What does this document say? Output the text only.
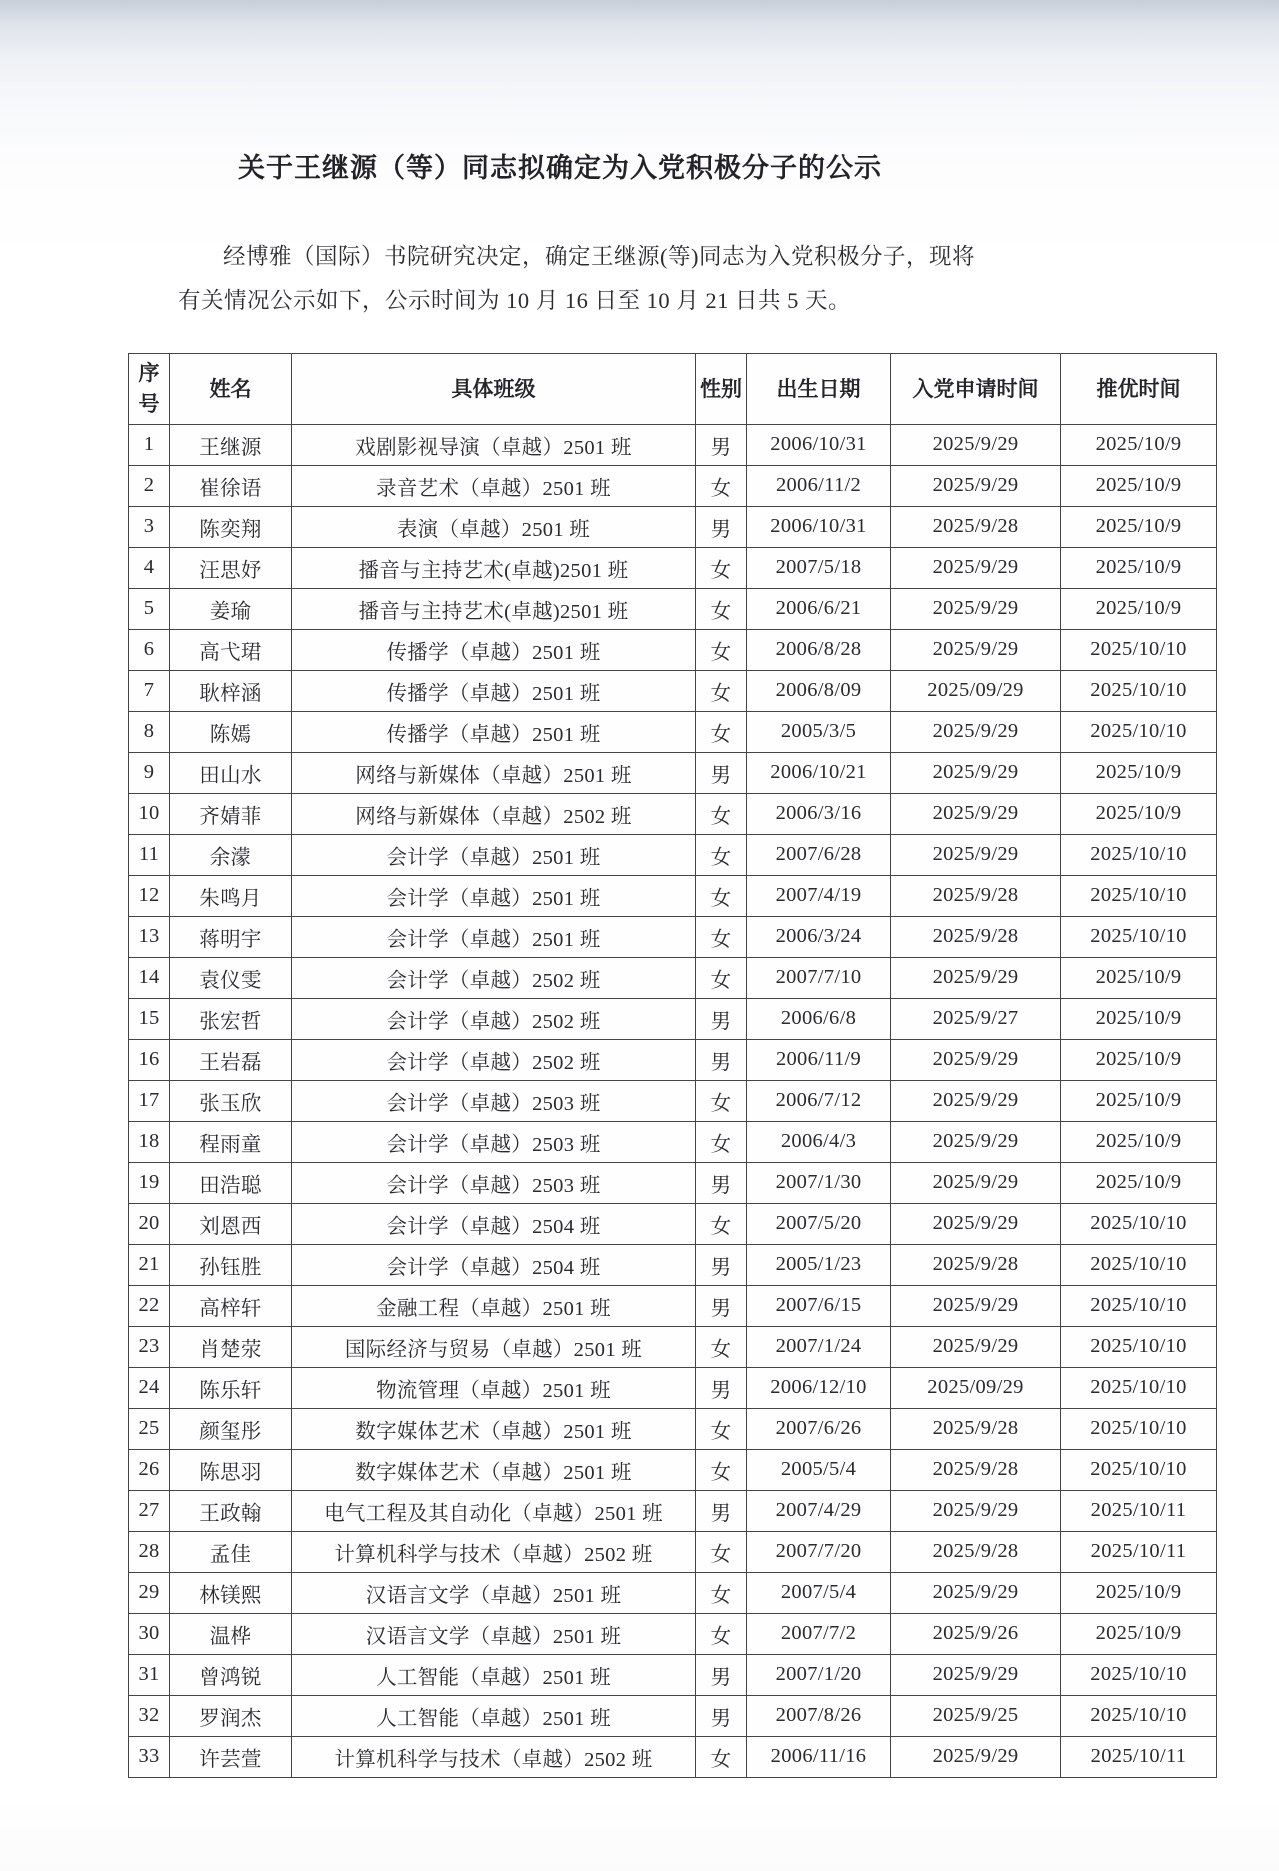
关于王继源（等）同志拟确定为入党积极分子的公示

经博雅（国际）书院研究决定，确定王继源(等)同志为入党积极分子，现将有关情况公示如下，公示时间为 10 月 16 日至 10 月 21 日共 5 天。

序号	姓名	具体班级	性别	出生日期	入党申请时间	推优时间
1	王继源	戏剧影视导演（卓越）2501 班	男	2006/10/31	2025/9/29	2025/10/9
2	崔徐语	录音艺术（卓越）2501 班	女	2006/11/2	2025/9/29	2025/10/9
3	陈奕翔	表演（卓越）2501 班	男	2006/10/31	2025/9/28	2025/10/9
4	汪思妤	播音与主持艺术(卓越)2501 班	女	2007/5/18	2025/9/29	2025/10/9
5	姜瑜	播音与主持艺术(卓越)2501 班	女	2006/6/21	2025/9/29	2025/10/9
6	高弋珺	传播学（卓越）2501 班	女	2006/8/28	2025/9/29	2025/10/10
7	耿梓涵	传播学（卓越）2501 班	女	2006/8/09	2025/09/29	2025/10/10
8	陈嫣	传播学（卓越）2501 班	女	2005/3/5	2025/9/29	2025/10/10
9	田山水	网络与新媒体（卓越）2501 班	男	2006/10/21	2025/9/29	2025/10/9
10	齐婧菲	网络与新媒体（卓越）2502 班	女	2006/3/16	2025/9/29	2025/10/9
11	余濛	会计学（卓越）2501 班	女	2007/6/28	2025/9/29	2025/10/10
12	朱鸣月	会计学（卓越）2501 班	女	2007/4/19	2025/9/28	2025/10/10
13	蒋明宇	会计学（卓越）2501 班	女	2006/3/24	2025/9/28	2025/10/10
14	袁仪雯	会计学（卓越）2502 班	女	2007/7/10	2025/9/29	2025/10/9
15	张宏哲	会计学（卓越）2502 班	男	2006/6/8	2025/9/27	2025/10/9
16	王岩磊	会计学（卓越）2502 班	男	2006/11/9	2025/9/29	2025/10/9
17	张玉欣	会计学（卓越）2503 班	女	2006/7/12	2025/9/29	2025/10/9
18	程雨童	会计学（卓越）2503 班	女	2006/4/3	2025/9/29	2025/10/9
19	田浩聪	会计学（卓越）2503 班	男	2007/1/30	2025/9/29	2025/10/9
20	刘恩西	会计学（卓越）2504 班	女	2007/5/20	2025/9/29	2025/10/10
21	孙钰胜	会计学（卓越）2504 班	男	2005/1/23	2025/9/28	2025/10/10
22	高梓轩	金融工程（卓越）2501 班	男	2007/6/15	2025/9/29	2025/10/10
23	肖楚荥	国际经济与贸易（卓越）2501 班	女	2007/1/24	2025/9/29	2025/10/10
24	陈乐轩	物流管理（卓越）2501 班	男	2006/12/10	2025/09/29	2025/10/10
25	颜玺彤	数字媒体艺术（卓越）2501 班	女	2007/6/26	2025/9/28	2025/10/10
26	陈思羽	数字媒体艺术（卓越）2501 班	女	2005/5/4	2025/9/28	2025/10/10
27	王政翰	电气工程及其自动化（卓越）2501 班	男	2007/4/29	2025/9/29	2025/10/11
28	孟佳	计算机科学与技术（卓越）2502 班	女	2007/7/20	2025/9/28	2025/10/11
29	林镁熙	汉语言文学（卓越）2501 班	女	2007/5/4	2025/9/29	2025/10/9
30	温桦	汉语言文学（卓越）2501 班	女	2007/7/2	2025/9/26	2025/10/9
31	曾鸿锐	人工智能（卓越）2501 班	男	2007/1/20	2025/9/29	2025/10/10
32	罗润杰	人工智能（卓越）2501 班	男	2007/8/26	2025/9/25	2025/10/10
33	许芸萱	计算机科学与技术（卓越）2502 班	女	2006/11/16	2025/9/29	2025/10/11
